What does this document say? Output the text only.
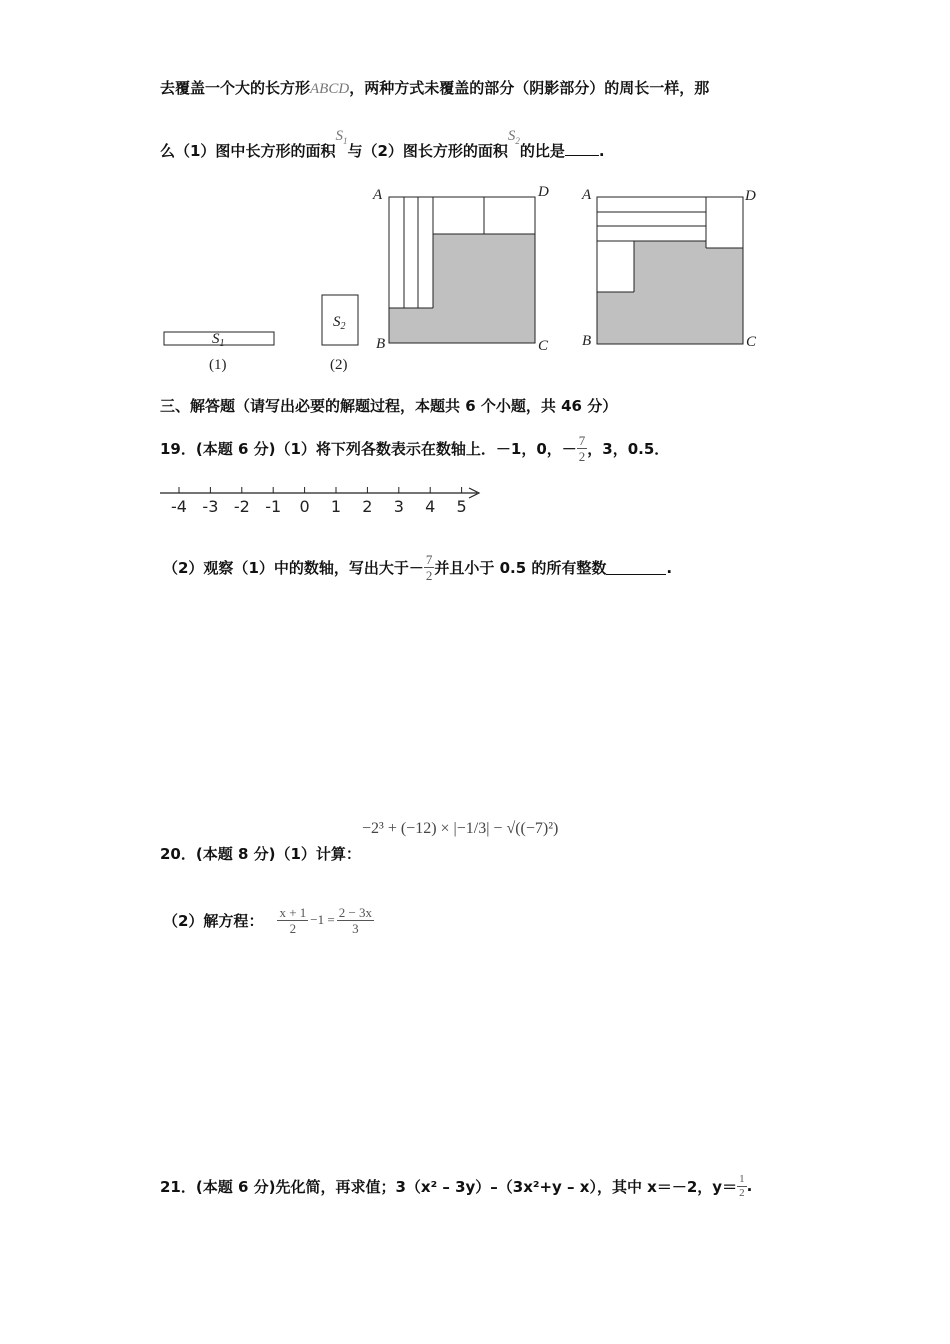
去覆盖一个大的长方形ABCD，两种方式未覆盖的部分（阴影部分）的周长一样，那
么（1）图中长方形的面积$S_1$与（2）图长方形的面积$S_2$的比是 .
$S_1$
(1)
$S_2$
(2)
A	D
B	C
A	D
B	C
三、解答题（请写出必要的解题过程，本题共 6 个小题，共 46 分）
19．(本题 6 分)（1）将下列各数表示在数轴上．－1，0，－ $\frac{7}{2}$ ，3，0.5．
-4 -3 -2 -1 0 1 2 3 4 5
（2）观察（1）中的数轴，写出大于－ $\frac{7}{2}$ 并且小于 0.5 的所有整数	.
20．(本题 8 分)（1）计算：
−2³ + (−12) × |−1/3| − √((−7)²)
（2）解方程： $\frac{x + 1}{2} -1 = \frac{2 - 3x}{3}$
21．(本题 6 分)先化简，再求值；3（x² – 3y）–（3x²+y – x），其中 x＝－2，$y= \frac{1}{2}$ .
